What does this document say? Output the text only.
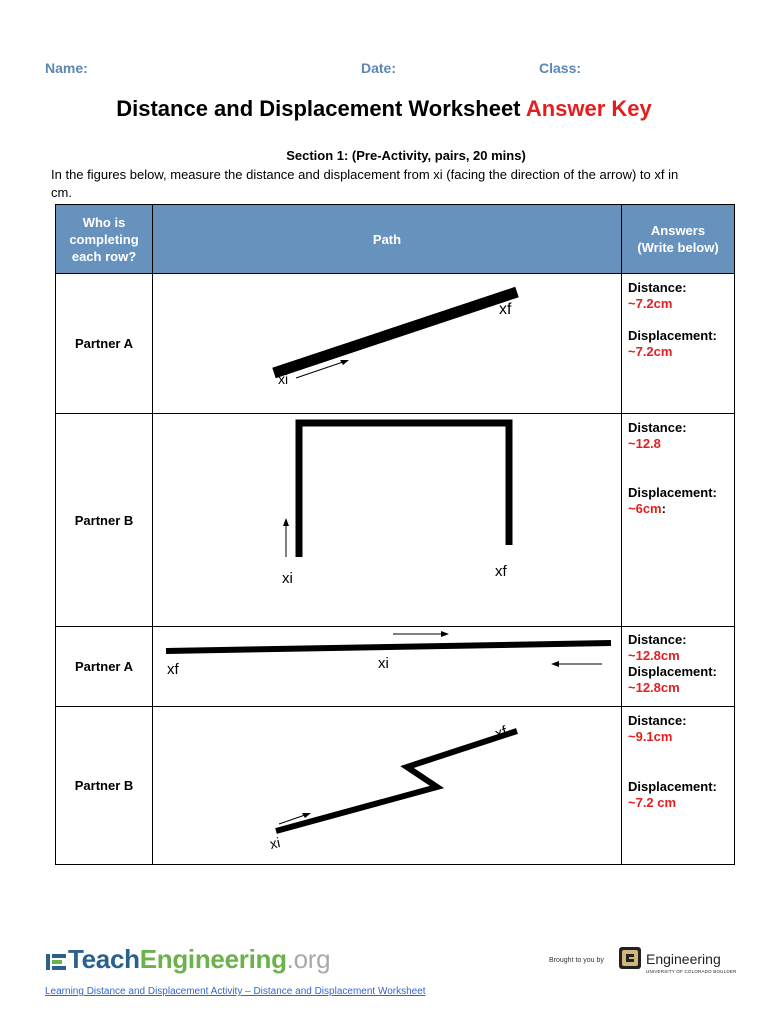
Name:	Date:	Class:
Distance and Displacement Worksheet Answer Key
Section 1: (Pre-Activity, pairs, 20 mins)
In the figures below, measure the distance and displacement from xi (facing the direction of the arrow) to xf in cm.
Who is completing each row?	Path	Answers (Write below)
Partner A	xi
xf	Distance:
~7.2cm
Displacement:
~7.2cm

Partner B	xi xf	Distance:
~12.8
Displacement:
~6cm:
Partner A	xf xi	Distance:
~12.8cm
Displacement:
~12.8cm

Partner B	xi
xf	Distance:
~9.1cm
Displacement:
~7.2 cm
TeachEngineering.org	Brought to you by	Engineering
UNIVERSITY OF COLORADO BOULDER
Learning Distance and Displacement Activity – Distance and Displacement Worksheet
